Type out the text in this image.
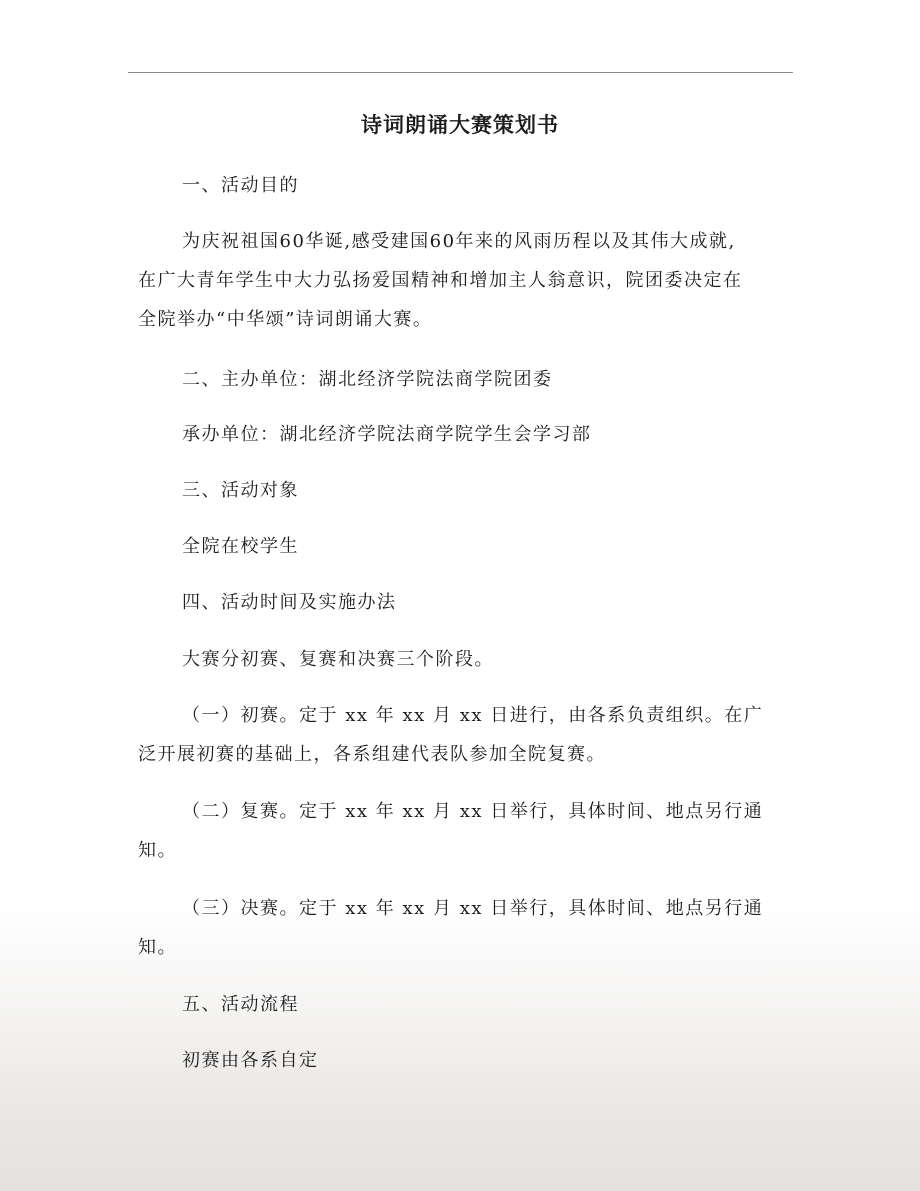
诗词朗诵大赛策划书

一、活动目的

为庆祝祖国60华诞,感受建国60年来的风雨历程以及其伟大成就,
在广大青年学生中大力弘扬爱国精神和增加主人翁意识，院团委决定在
全院举办“中华颂”诗词朗诵大赛。

二、主办单位：湖北经济学院法商学院团委

承办单位：湖北经济学院法商学院学生会学习部

三、活动对象

全院在校学生

四、活动时间及实施办法

大赛分初赛、复赛和决赛三个阶段。

（一）初赛。定于 xx 年 xx 月 xx 日进行，由各系负责组织。在广
泛开展初赛的基础上，各系组建代表队参加全院复赛。
（二）复赛。定于 xx 年 xx 月 xx 日举行，具体时间、地点另行通
知。
（三）决赛。定于 xx 年 xx 月 xx 日举行，具体时间、地点另行通
知。

五、活动流程

初赛由各系自定
